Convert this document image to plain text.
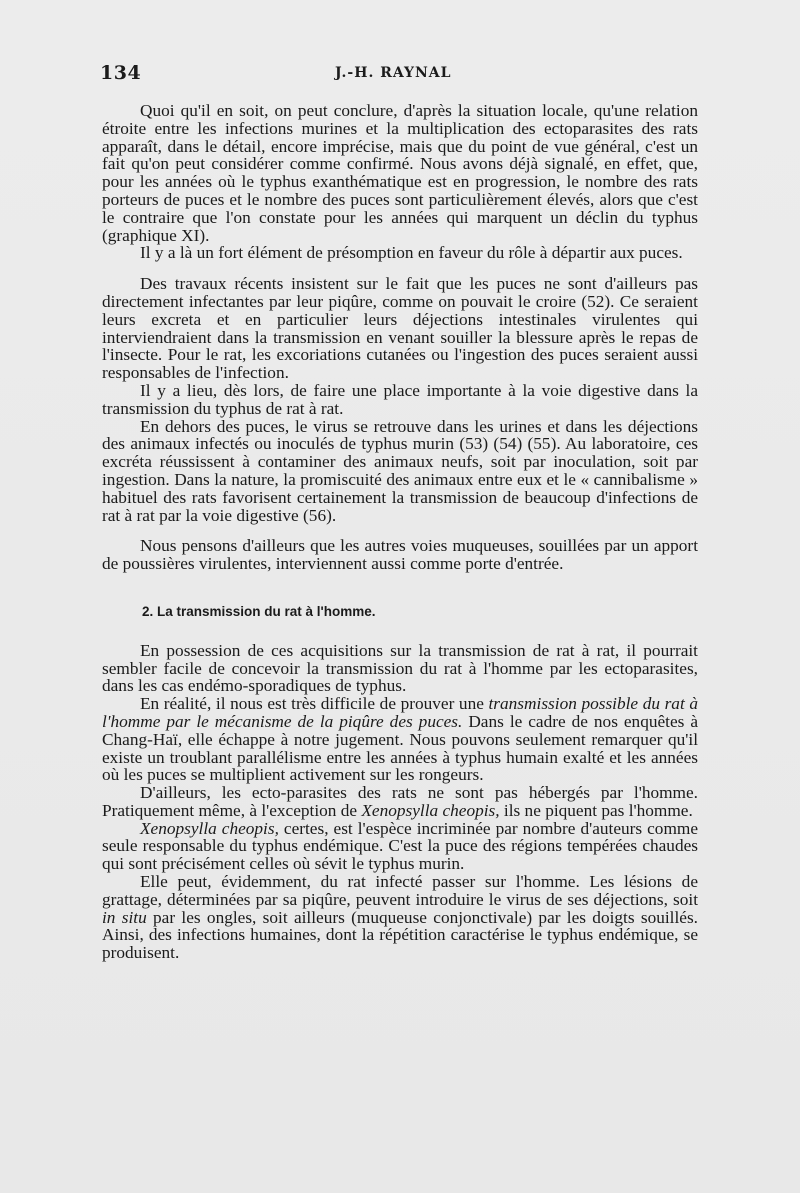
134	J.-H. RAYNAL

Quoi qu'il en soit, on peut conclure, d'après la situation locale, qu'une relation étroite entre les infections murines et la multiplication des ectoparasites des rats apparaît, dans le détail, encore imprécise, mais que du point de vue général, c'est un fait qu'on peut considérer comme confirmé. Nous avons déjà signalé, en effet, que, pour les années où le typhus exanthématique est en progression, le nombre des rats porteurs de puces et le nombre des puces sont particulièrement élevés, alors que c'est le contraire que l'on constate pour les années qui marquent un déclin du typhus (graphique XI).

Il y a là un fort élément de présomption en faveur du rôle à départir aux puces.

Des travaux récents insistent sur le fait que les puces ne sont d'ailleurs pas directement infectantes par leur piqûre, comme on pouvait le croire (52). Ce seraient leurs excreta et en particulier leurs déjections intestinales virulentes qui interviendraient dans la transmission en venant souiller la blessure après le repas de l'insecte. Pour le rat, les excoriations cutanées ou l'ingestion des puces seraient aussi responsables de l'infection.

Il y a lieu, dès lors, de faire une place importante à la voie digestive dans la transmission du typhus de rat à rat.

En dehors des puces, le virus se retrouve dans les urines et dans les déjections des animaux infectés ou inoculés de typhus murin (53) (54) (55). Au laboratoire, ces excréta réussissent à contaminer des animaux neufs, soit par inoculation, soit par ingestion. Dans la nature, la promiscuité des animaux entre eux et le « cannibalisme » habituel des rats favorisent certainement la transmission de beaucoup d'infections de rat à rat par la voie digestive (56).

Nous pensons d'ailleurs que les autres voies muqueuses, souillées par un apport de poussières virulentes, interviennent aussi comme porte d'entrée.

2. La transmission du rat à l'homme.

En possession de ces acquisitions sur la transmission de rat à rat, il pourrait sembler facile de concevoir la transmission du rat à l'homme par les ectoparasites, dans les cas endémo-sporadiques de typhus.

En réalité, il nous est très difficile de prouver une transmission possible du rat à l'homme par le mécanisme de la piqûre des puces. Dans le cadre de nos enquêtes à Chang-Haï, elle échappe à notre jugement. Nous pouvons seulement remarquer qu'il existe un troublant parallélisme entre les années à typhus humain exalté et les années où les puces se multiplient activement sur les rongeurs.

D'ailleurs, les ecto-parasites des rats ne sont pas hébergés par l'homme. Pratiquement même, à l'exception de Xenopsylla cheopis, ils ne piquent pas l'homme.

Xenopsylla cheopis, certes, est l'espèce incriminée par nombre d'auteurs comme seule responsable du typhus endémique. C'est la puce des régions tempérées chaudes qui sont précisément celles où sévit le typhus murin.

Elle peut, évidemment, du rat infecté passer sur l'homme. Les lésions de grattage, déterminées par sa piqûre, peuvent introduire le virus de ses déjections, soit in situ par les ongles, soit ailleurs (muqueuse conjonctivale) par les doigts souillés. Ainsi, des infections humaines, dont la répétition caractérise le typhus endémique, se produisent.
